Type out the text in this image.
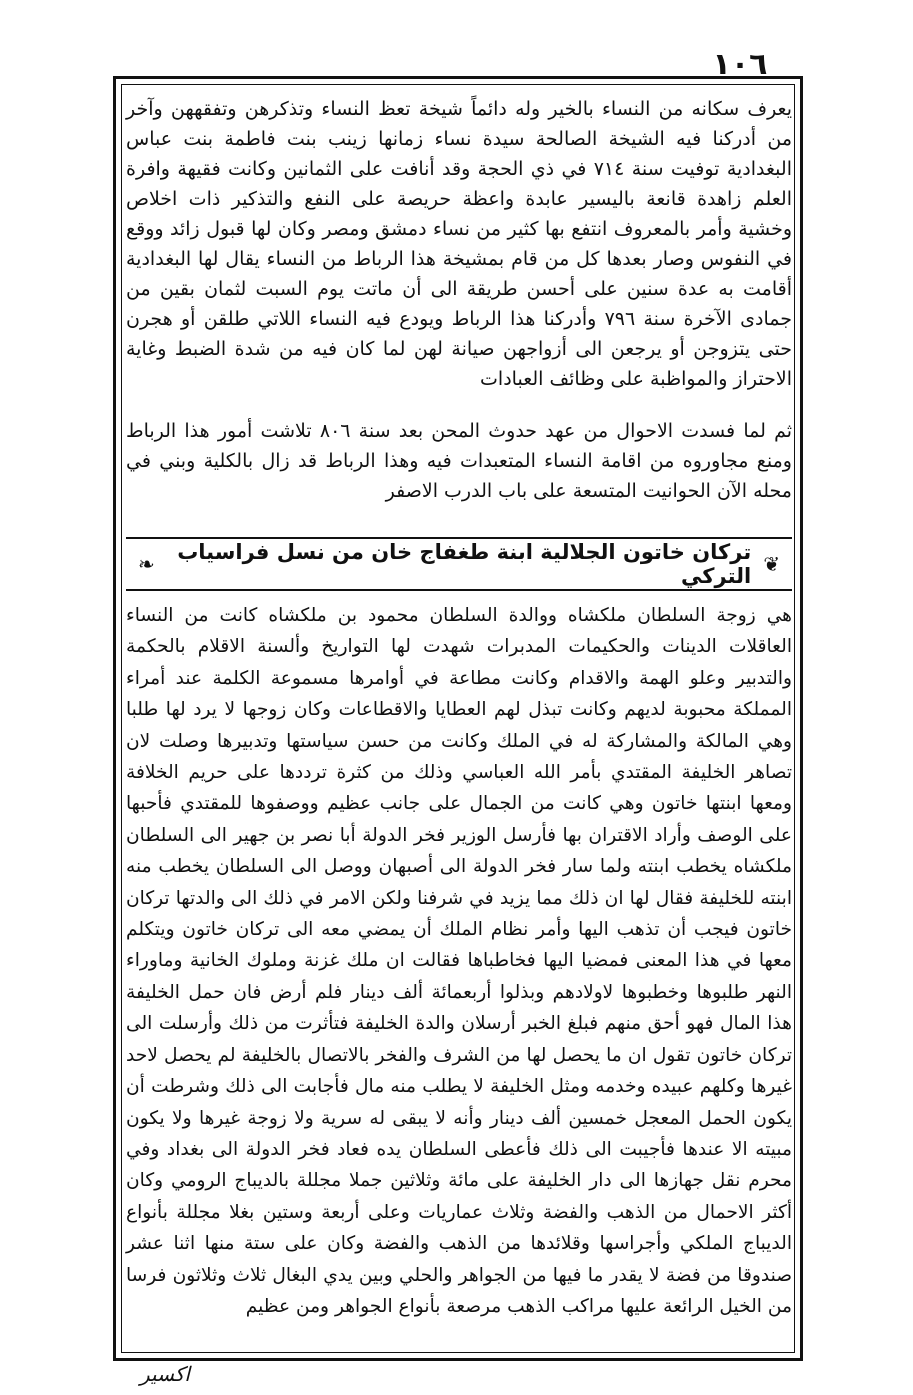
١٠٦

يعرف سكانه من النساء بالخير وله دائماً شيخة تعظ النساء وتذكرهن وتفقههن وآخر من أدركنا فيه الشيخة الصالحة سيدة نساء زمانها زينب بنت فاطمة بنت عباس البغدادية توفيت سنة ٧١٤ في ذي الحجة وقد أنافت على الثمانين وكانت فقيهة وافرة العلم زاهدة قانعة باليسير عابدة واعظة حريصة على النفع والتذكير ذات اخلاص وخشية وأمر بالمعروف انتفع بها كثير من نساء دمشق ومصر وكان لها قبول زائد ووقع في النفوس وصار بعدها كل من قام بمشيخة هذا الرباط من النساء يقال لها البغدادية أقامت به عدة سنين على أحسن طريقة الى أن ماتت يوم السبت لثمان بقين من جمادى الآخرة سنة ٧٩٦ وأدركنا هذا الرباط ويودع فيه النساء اللاتي طلقن أو هجرن حتى يتزوجن أو يرجعن الى أزواجهن صيانة لهن لما كان فيه من شدة الضبط وغاية الاحتراز والمواظبة على وظائف العبادات

ثم لما فسدت الاحوال من عهد حدوث المحن بعد سنة ٨٠٦ تلاشت أمور هذا الرباط ومنع مجاوروه من اقامة النساء المتعبدات فيه وهذا الرباط قد زال بالكلية وبني في محله الآن الحوانيت المتسعة على باب الدرب الاصفر

❦
تركان خاتون الجلالية ابنة طغفاج خان من نسل فراسياب التركي
❧

هي زوجة السلطان ملكشاه ووالدة السلطان محمود بن ملكشاه كانت من النساء العاقلات الدينات والحكيمات المدبرات شهدت لها التواريخ وألسنة الاقلام بالحكمة والتدبير وعلو الهمة والاقدام وكانت مطاعة في أوامرها مسموعة الكلمة عند أمراء المملكة محبوبة لديهم وكانت تبذل لهم العطايا والاقطاعات وكان زوجها لا يرد لها طلبا وهي المالكة والمشاركة له في الملك وكانت من حسن سياستها وتدبيرها وصلت لان تصاهر الخليفة المقتدي بأمر الله العباسي وذلك من كثرة ترددها على حريم الخلافة ومعها ابنتها خاتون وهي كانت من الجمال على جانب عظيم ووصفوها للمقتدي فأحبها على الوصف وأراد الاقتران بها فأرسل الوزير فخر الدولة أبا نصر بن جهير الى السلطان ملكشاه يخطب ابنته ولما سار فخر الدولة الى أصبهان ووصل الى السلطان يخطب منه ابنته للخليفة فقال لها ان ذلك مما يزيد في شرفنا ولكن الامر في ذلك الى والدتها تركان خاتون فيجب أن تذهب اليها وأمر نظام الملك أن يمضي معه الى تركان خاتون ويتكلم معها في هذا المعنى فمضيا اليها فخاطباها فقالت ان ملك غزنة وملوك الخانية وماوراء النهر طلبوها وخطبوها لاولادهم وبذلوا أربعمائة ألف دينار فلم أرض فان حمل الخليفة هذا المال فهو أحق منهم فبلغ الخبر أرسلان والدة الخليفة فتأثرت من ذلك وأرسلت الى تركان خاتون تقول ان ما يحصل لها من الشرف والفخر بالاتصال بالخليفة لم يحصل لاحد غيرها وكلهم عبيده وخدمه ومثل الخليفة لا يطلب منه مال فأجابت الى ذلك وشرطت أن يكون الحمل المعجل خمسين ألف دينار وأنه لا يبقى له سرية ولا زوجة غيرها ولا يكون مبيته الا عندها فأجيبت الى ذلك فأعطى السلطان يده فعاد فخر الدولة الى بغداد وفي محرم نقل جهازها الى دار الخليفة على مائة وثلاثين جملا مجللة بالديباج الرومي وكان أكثر الاحمال من الذهب والفضة وثلاث عماريات وعلى أربعة وستين بغلا مجللة بأنواع الديباج الملكي وأجراسها وقلائدها من الذهب والفضة وكان على ستة منها اثنا عشر صندوقا من فضة لا يقدر ما فيها من الجواهر والحلي وبين يدي البغال ثلاث وثلاثون فرسا من الخيل الرائعة عليها مراكب الذهب مرصعة بأنواع الجواهر ومن عظيم

اكسير
